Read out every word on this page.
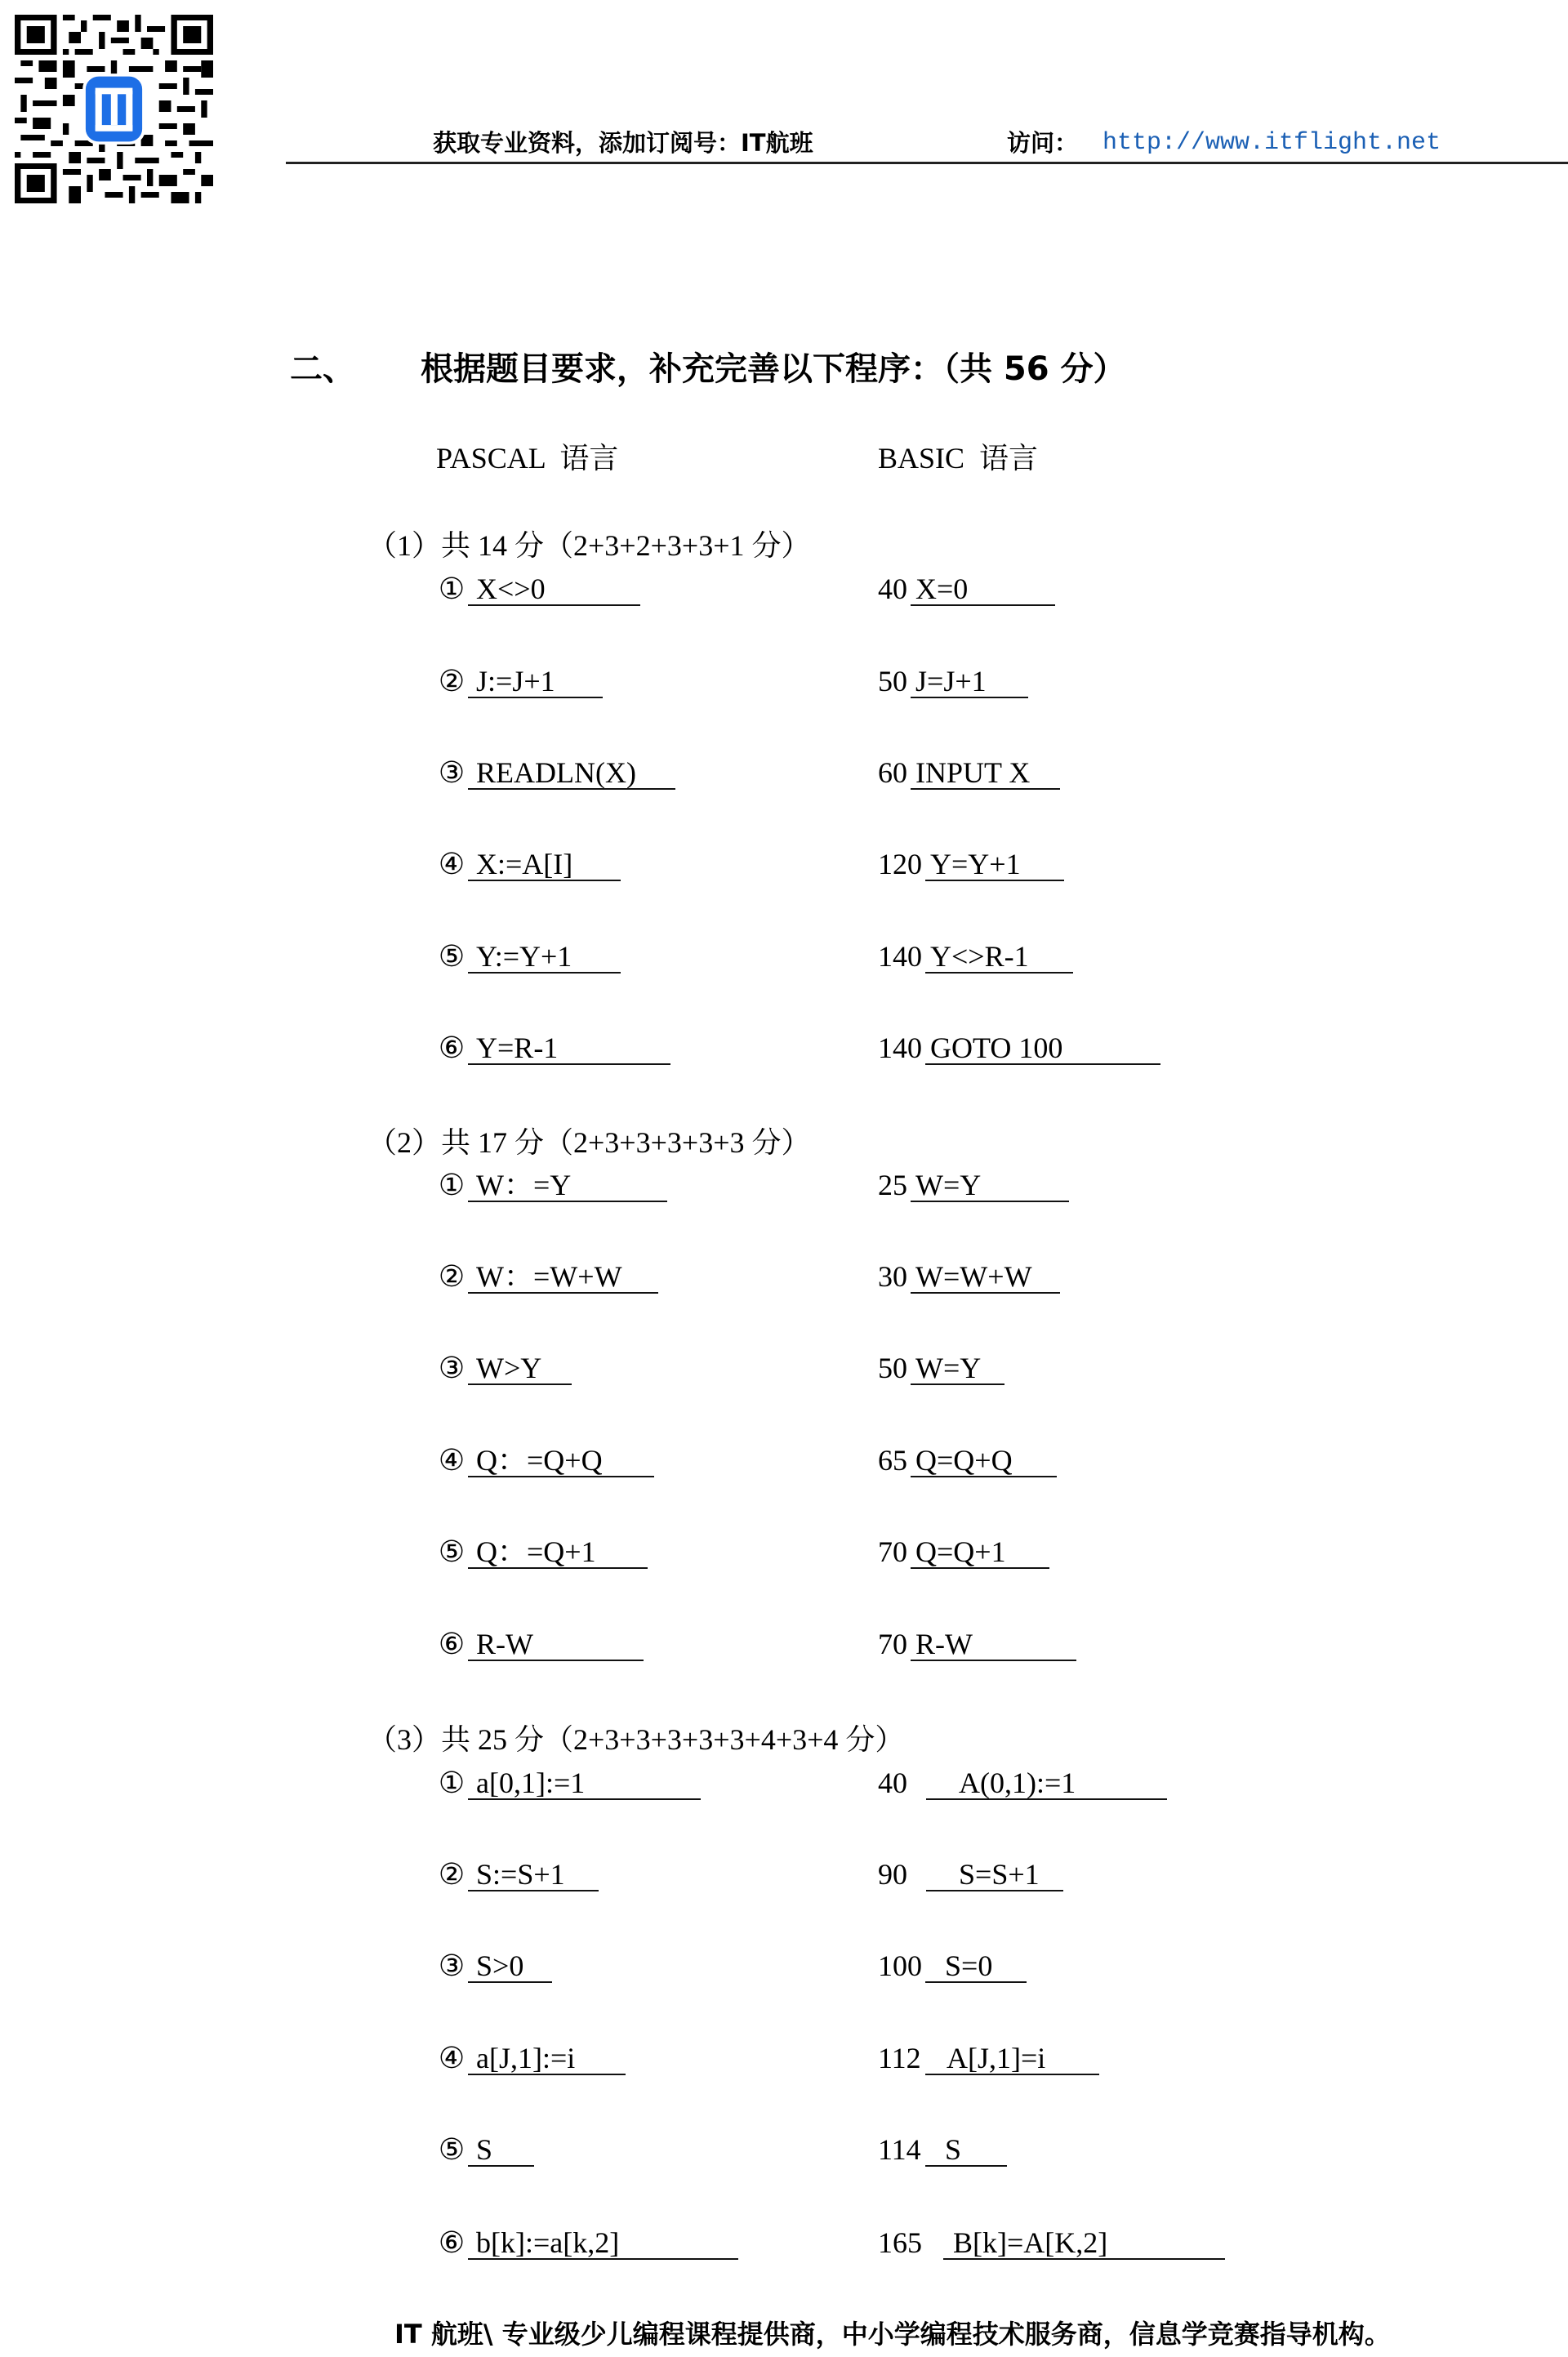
获取专业资料，添加订阅号：IT航班	访问： http://www.itflight.net
二、 根据题目要求，补充完善以下程序：（共 56 分）
PASCAL  语言	BASIC  语言
（1）共 14 分（2+3+2+3+3+1 分）
（2）共 17 分（2+3+3+3+3+3 分）
（3）共 25 分（2+3+3+3+3+3+4+3+4 分）
① X<>0	40 X=0
② J:=J+1	50 J=J+1
③ READLN(X)	60 INPUT X
④ X:=A[I]	120 Y=Y+1
⑤ Y:=Y+1	140 Y<>R-1
⑥ Y=R-1	140 GOTO 100
① W：=Y	25 W=Y
② W：=W+W	30 W=W+W
③ W>Y	50 W=Y
④ Q：=Q+Q	65 Q=Q+Q
⑤ Q：=Q+1	70 Q=Q+1
⑥ R-W	70 R-W
① a[0,1]:=1	40	A(0,1):=1
② S:=S+1	90	S=S+1
③ S>0	100 S=0
④ a[J,1]:=i	112 A[J,1]=i
⑤ S	114 S
⑥ b[k]:=a[k,2]	165	B[k]=A[K,2]
IT 航班\ 专业级少儿编程课程提供商，中小学编程技术服务商，信息学竞赛指导机构。
